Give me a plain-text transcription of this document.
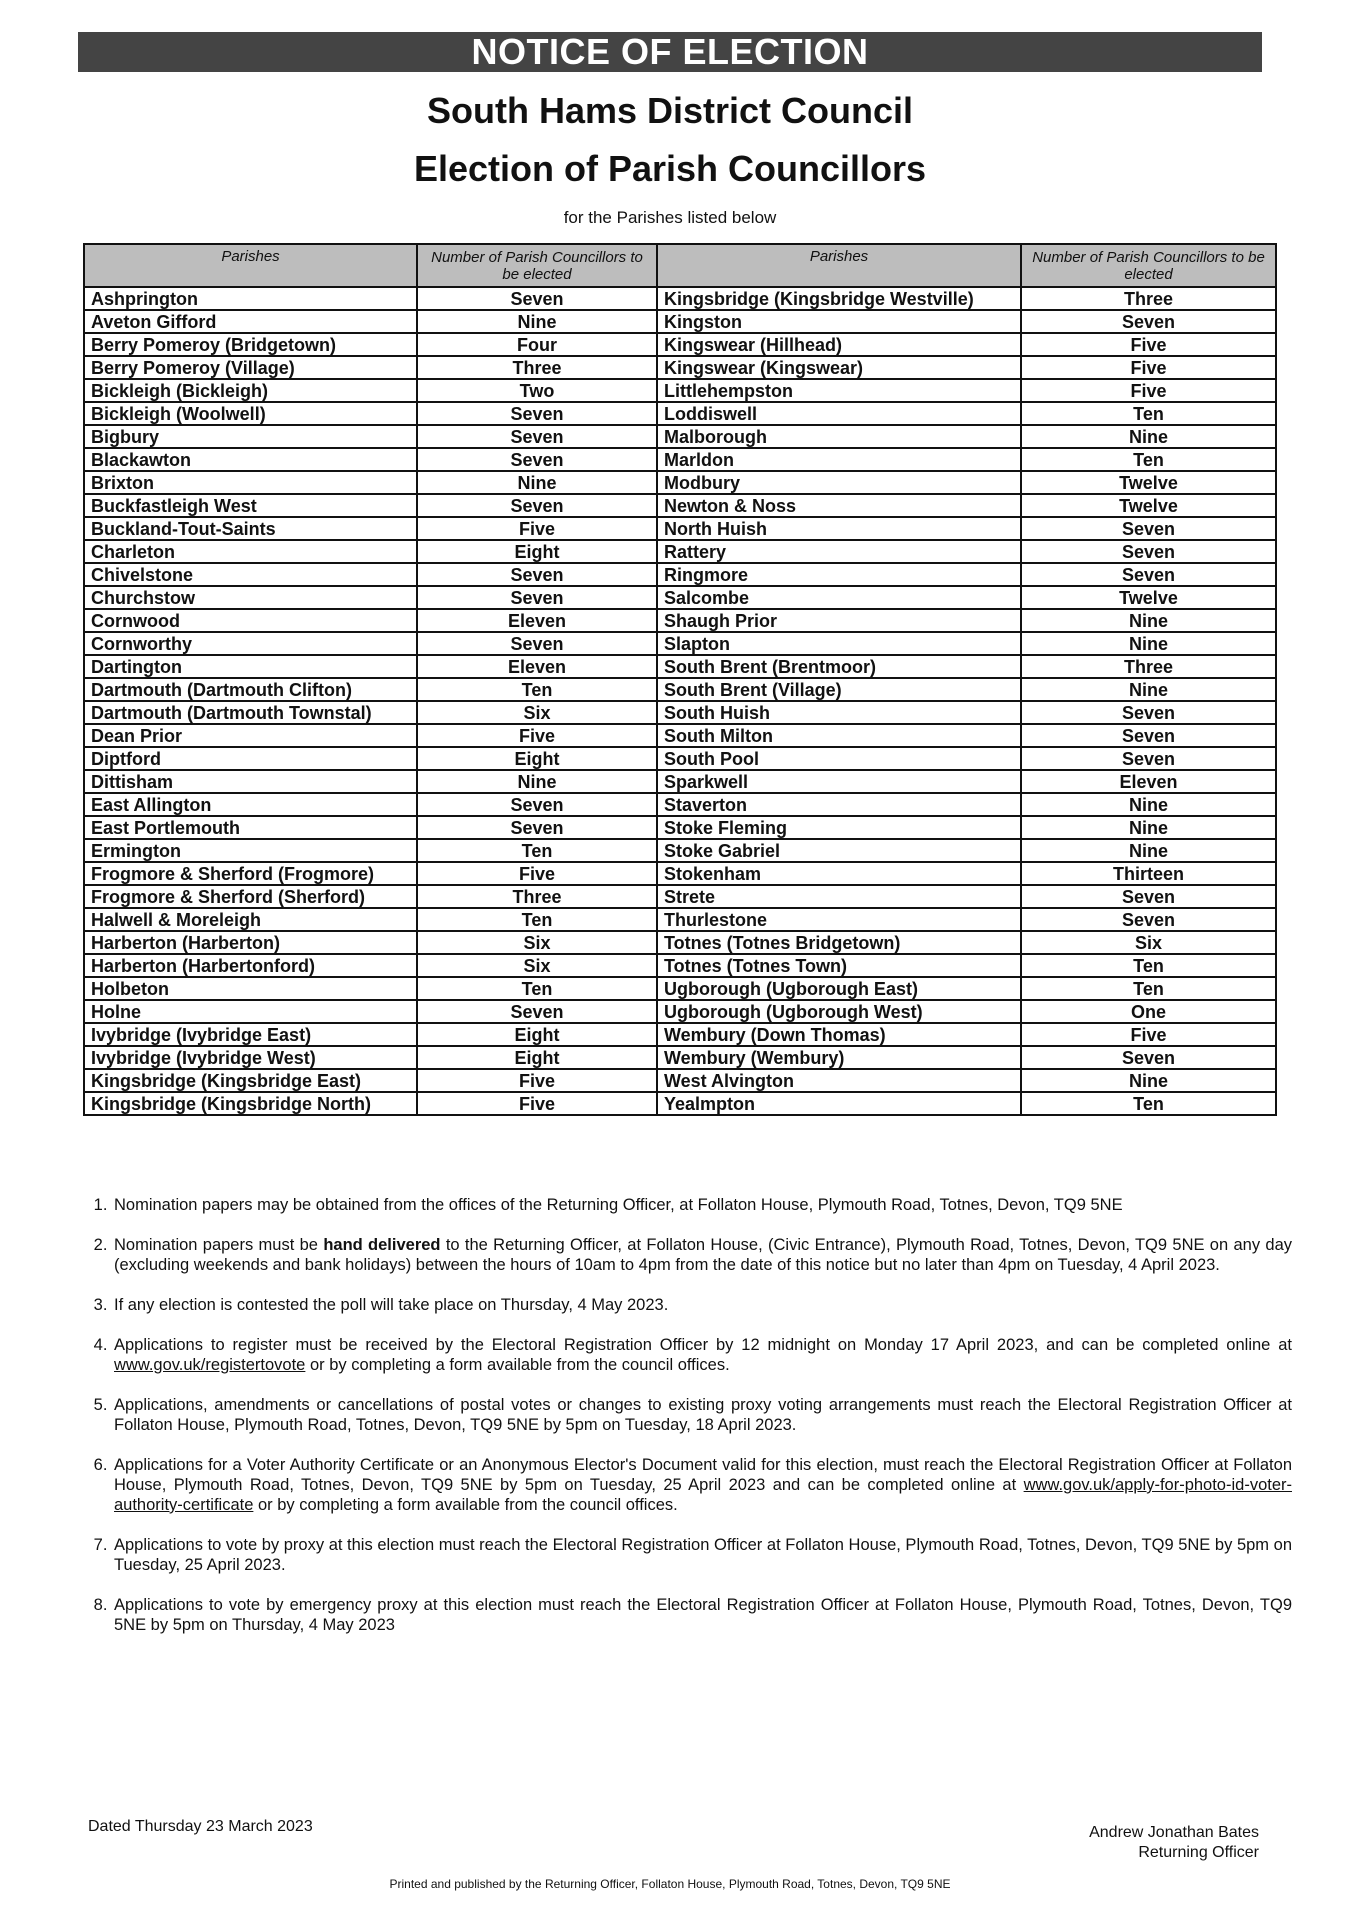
NOTICE OF ELECTION
South Hams District Council
Election of Parish Councillors
for the Parishes listed below
Parishes	Number of Parish Councillors to be elected	Parishes	Number of Parish Councillors to be elected
Ashprington	Seven	Kingsbridge (Kingsbridge Westville)	Three
Aveton Gifford	Nine	Kingston	Seven
Berry Pomeroy (Bridgetown)	Four	Kingswear (Hillhead)	Five
Berry Pomeroy (Village)	Three	Kingswear (Kingswear)	Five
Bickleigh (Bickleigh)	Two	Littlehempston	Five
Bickleigh (Woolwell)	Seven	Loddiswell	Ten
Bigbury	Seven	Malborough	Nine
Blackawton	Seven	Marldon	Ten
Brixton	Nine	Modbury	Twelve
Buckfastleigh West	Seven	Newton & Noss	Twelve
Buckland-Tout-Saints	Five	North Huish	Seven
Charleton	Eight	Rattery	Seven
Chivelstone	Seven	Ringmore	Seven
Churchstow	Seven	Salcombe	Twelve
Cornwood	Eleven	Shaugh Prior	Nine
Cornworthy	Seven	Slapton	Nine
Dartington	Eleven	South Brent (Brentmoor)	Three
Dartmouth (Dartmouth Clifton)	Ten	South Brent (Village)	Nine
Dartmouth (Dartmouth Townstal)	Six	South Huish	Seven
Dean Prior	Five	South Milton	Seven
Diptford	Eight	South Pool	Seven
Dittisham	Nine	Sparkwell	Eleven
East Allington	Seven	Staverton	Nine
East Portlemouth	Seven	Stoke Fleming	Nine
Ermington	Ten	Stoke Gabriel	Nine
Frogmore & Sherford (Frogmore)	Five	Stokenham	Thirteen
Frogmore & Sherford (Sherford)	Three	Strete	Seven
Halwell & Moreleigh	Ten	Thurlestone	Seven
Harberton (Harberton)	Six	Totnes (Totnes Bridgetown)	Six
Harberton (Harbertonford)	Six	Totnes (Totnes Town)	Ten
Holbeton	Ten	Ugborough (Ugborough East)	Ten
Holne	Seven	Ugborough (Ugborough West)	One
Ivybridge (Ivybridge East)	Eight	Wembury (Down Thomas)	Five
Ivybridge (Ivybridge West)	Eight	Wembury (Wembury)	Seven
Kingsbridge (Kingsbridge East)	Five	West Alvington	Nine
Kingsbridge (Kingsbridge North)	Five	Yealmpton	Ten
1. Nomination papers may be obtained from the offices of the Returning Officer, at Follaton House, Plymouth Road, Totnes, Devon, TQ9 5NE
2. Nomination papers must be hand delivered to the Returning Officer, at Follaton House, (Civic Entrance), Plymouth Road, Totnes, Devon, TQ9 5NE on any day (excluding weekends and bank holidays) between the hours of 10am to 4pm from the date of this notice but no later than 4pm on Tuesday, 4 April 2023.
3. If any election is contested the poll will take place on Thursday, 4 May 2023.
4. Applications to register must be received by the Electoral Registration Officer by 12 midnight on Monday 17 April 2023, and can be completed online at www.gov.uk/registertovote or by completing a form available from the council offices.
5. Applications, amendments or cancellations of postal votes or changes to existing proxy voting arrangements must reach the Electoral Registration Officer at Follaton House, Plymouth Road, Totnes, Devon, TQ9 5NE by 5pm on Tuesday, 18 April 2023.
6. Applications for a Voter Authority Certificate or an Anonymous Elector's Document valid for this election, must reach the Electoral Registration Officer at Follaton House, Plymouth Road, Totnes, Devon, TQ9 5NE by 5pm on Tuesday, 25 April 2023 and can be completed online at www.gov.uk/apply-for-photo-id-voter-authority-certificate or by completing a form available from the council offices.
7. Applications to vote by proxy at this election must reach the Electoral Registration Officer at Follaton House, Plymouth Road, Totnes, Devon, TQ9 5NE by 5pm on Tuesday, 25 April 2023.
8. Applications to vote by emergency proxy at this election must reach the Electoral Registration Officer at Follaton House, Plymouth Road, Totnes, Devon, TQ9 5NE by 5pm on Thursday, 4 May 2023
Dated Thursday 23 March 2023	Andrew Jonathan Bates
Returning Officer
Printed and published by the Returning Officer, Follaton House, Plymouth Road, Totnes, Devon, TQ9 5NE
